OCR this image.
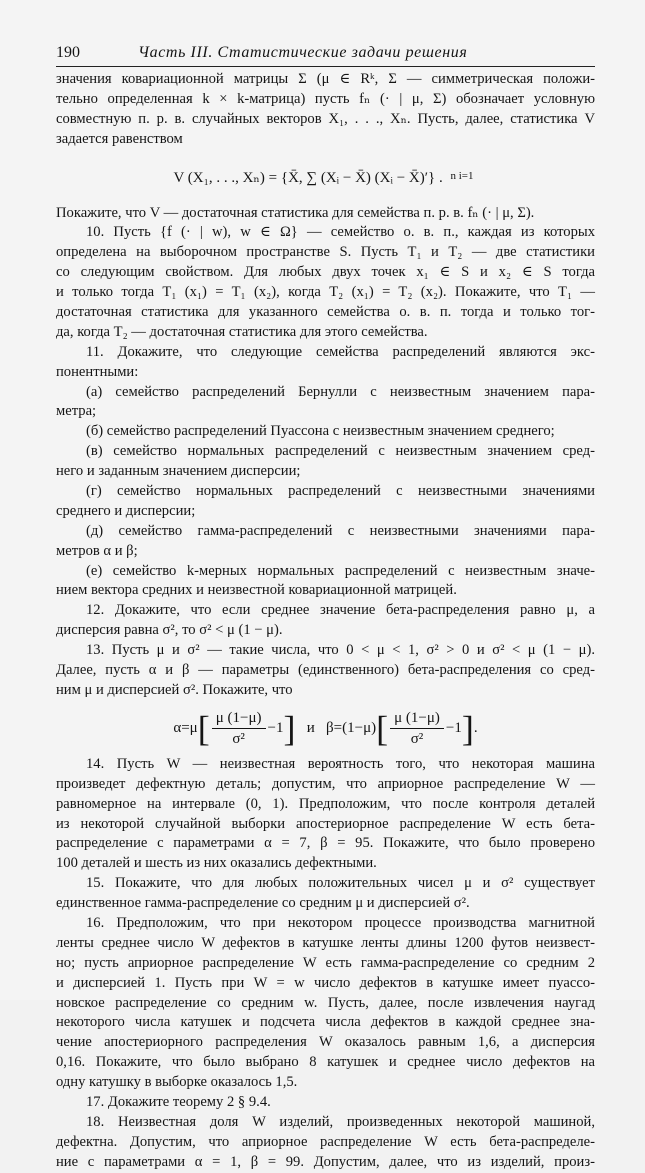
190	Часть III. Статистические задачи решения
значения ковариационной матрицы Σ (μ ∈ Rᵏ, Σ — симметрическая положи-
тельно определенная k × k-матрица) пусть fₙ (· | μ, Σ) обозначает условную
совместную п. р. в. случайных векторов X₁, . . ., Xₙ. Пусть, далее, статистика V
задается равенством
V (X₁, . . ., Xₙ) = {X̄, ∑ (Xᵢ − X̄) (Xᵢ − X̄)′} . n i=1
Покажите, что V — достаточная статистика для семейства п. р. в. fₙ (· | μ, Σ).
10. Пусть {f (· | w), w ∈ Ω} — семейство о. в. п., каждая из которых
определена на выборочном пространстве S. Пусть T₁ и T₂ — две статистики
со следующим свойством. Для любых двух точек x₁ ∈ S и x₂ ∈ S тогда
и только тогда T₁ (x₁) = T₁ (x₂), когда T₂ (x₁) = T₂ (x₂). Покажите, что T₁ —
достаточная статистика для указанного семейства о. в. п. тогда и только тог-
да, когда T₂ — достаточная статистика для этого семейства.
11. Докажите, что следующие семейства распределений являются экс-
понентными:
(а) семейство распределений Бернулли с неизвестным значением пара-
метра;
(б) семейство распределений Пуассона с неизвестным значением среднего;
(в) семейство нормальных распределений с неизвестным значением сред-
него и заданным значением дисперсии;
(г) семейство нормальных распределений с неизвестными значениями
среднего и дисперсии;
(д) семейство гамма-распределений с неизвестными значениями пара-
метров α и β;
(е) семейство k-мерных нормальных распределений с неизвестным значе-
нием вектора средних и неизвестной ковариационной матрицей.
12. Докажите, что если среднее значение бета-распределения равно μ, а
дисперсия равна σ², то σ² < μ (1 − μ).
13. Пусть μ и σ² — такие числа, что 0 < μ < 1, σ² > 0 и σ² < μ (1 − μ).
Далее, пусть α и β — параметры (единственного) бета-распределения со сред-
ним μ и дисперсией σ². Покажите, что
$\alpha=\mu[ \frac{\mu (1-\mu)}{\text{σ²}} -1]$ и $\beta=(1-\mu)[ \frac{\mu (1-\mu)}{\text{σ²}} -1]$.
14. Пусть W — неизвестная вероятность того, что некоторая машина
произведет дефектную деталь; допустим, что априорное распределение W —
равномерное на интервале (0, 1). Предположим, что после контроля деталей
из некоторой случайной выборки апостериорное распределение W есть бета-
распределение с параметрами α = 7, β = 95. Покажите, что было проверено
100 деталей и шесть из них оказались дефектными.
15. Покажите, что для любых положительных чисел μ и σ² существует
единственное гамма-распределение со средним μ и дисперсией σ².
16. Предположим, что при некотором процессе производства магнитной
ленты среднее число W дефектов в катушке ленты длины 1200 футов неизвест-
но; пусть априорное распределение W есть гамма-распределение со средним 2
и дисперсией 1. Пусть при W = w число дефектов в катушке имеет пуассо-
новское распределение со средним w. Пусть, далее, после извлечения наугад
некоторого числа катушек и подсчета числа дефектов в каждой среднее зна-
чение апостериорного распределения W оказалось равным 1,6, а дисперсия
0,16. Покажите, что было выбрано 8 катушек и среднее число дефектов на
одну катушку в выборке оказалось 1,5.
17. Докажите теорему 2 § 9.4.
18. Неизвестная доля W изделий, произведенных некоторой машиной,
дефектна. Допустим, что априорное распределение W есть бета-распределе-
ние с параметрами α = 1, β = 99. Допустим, далее, что из изделий, произ-
